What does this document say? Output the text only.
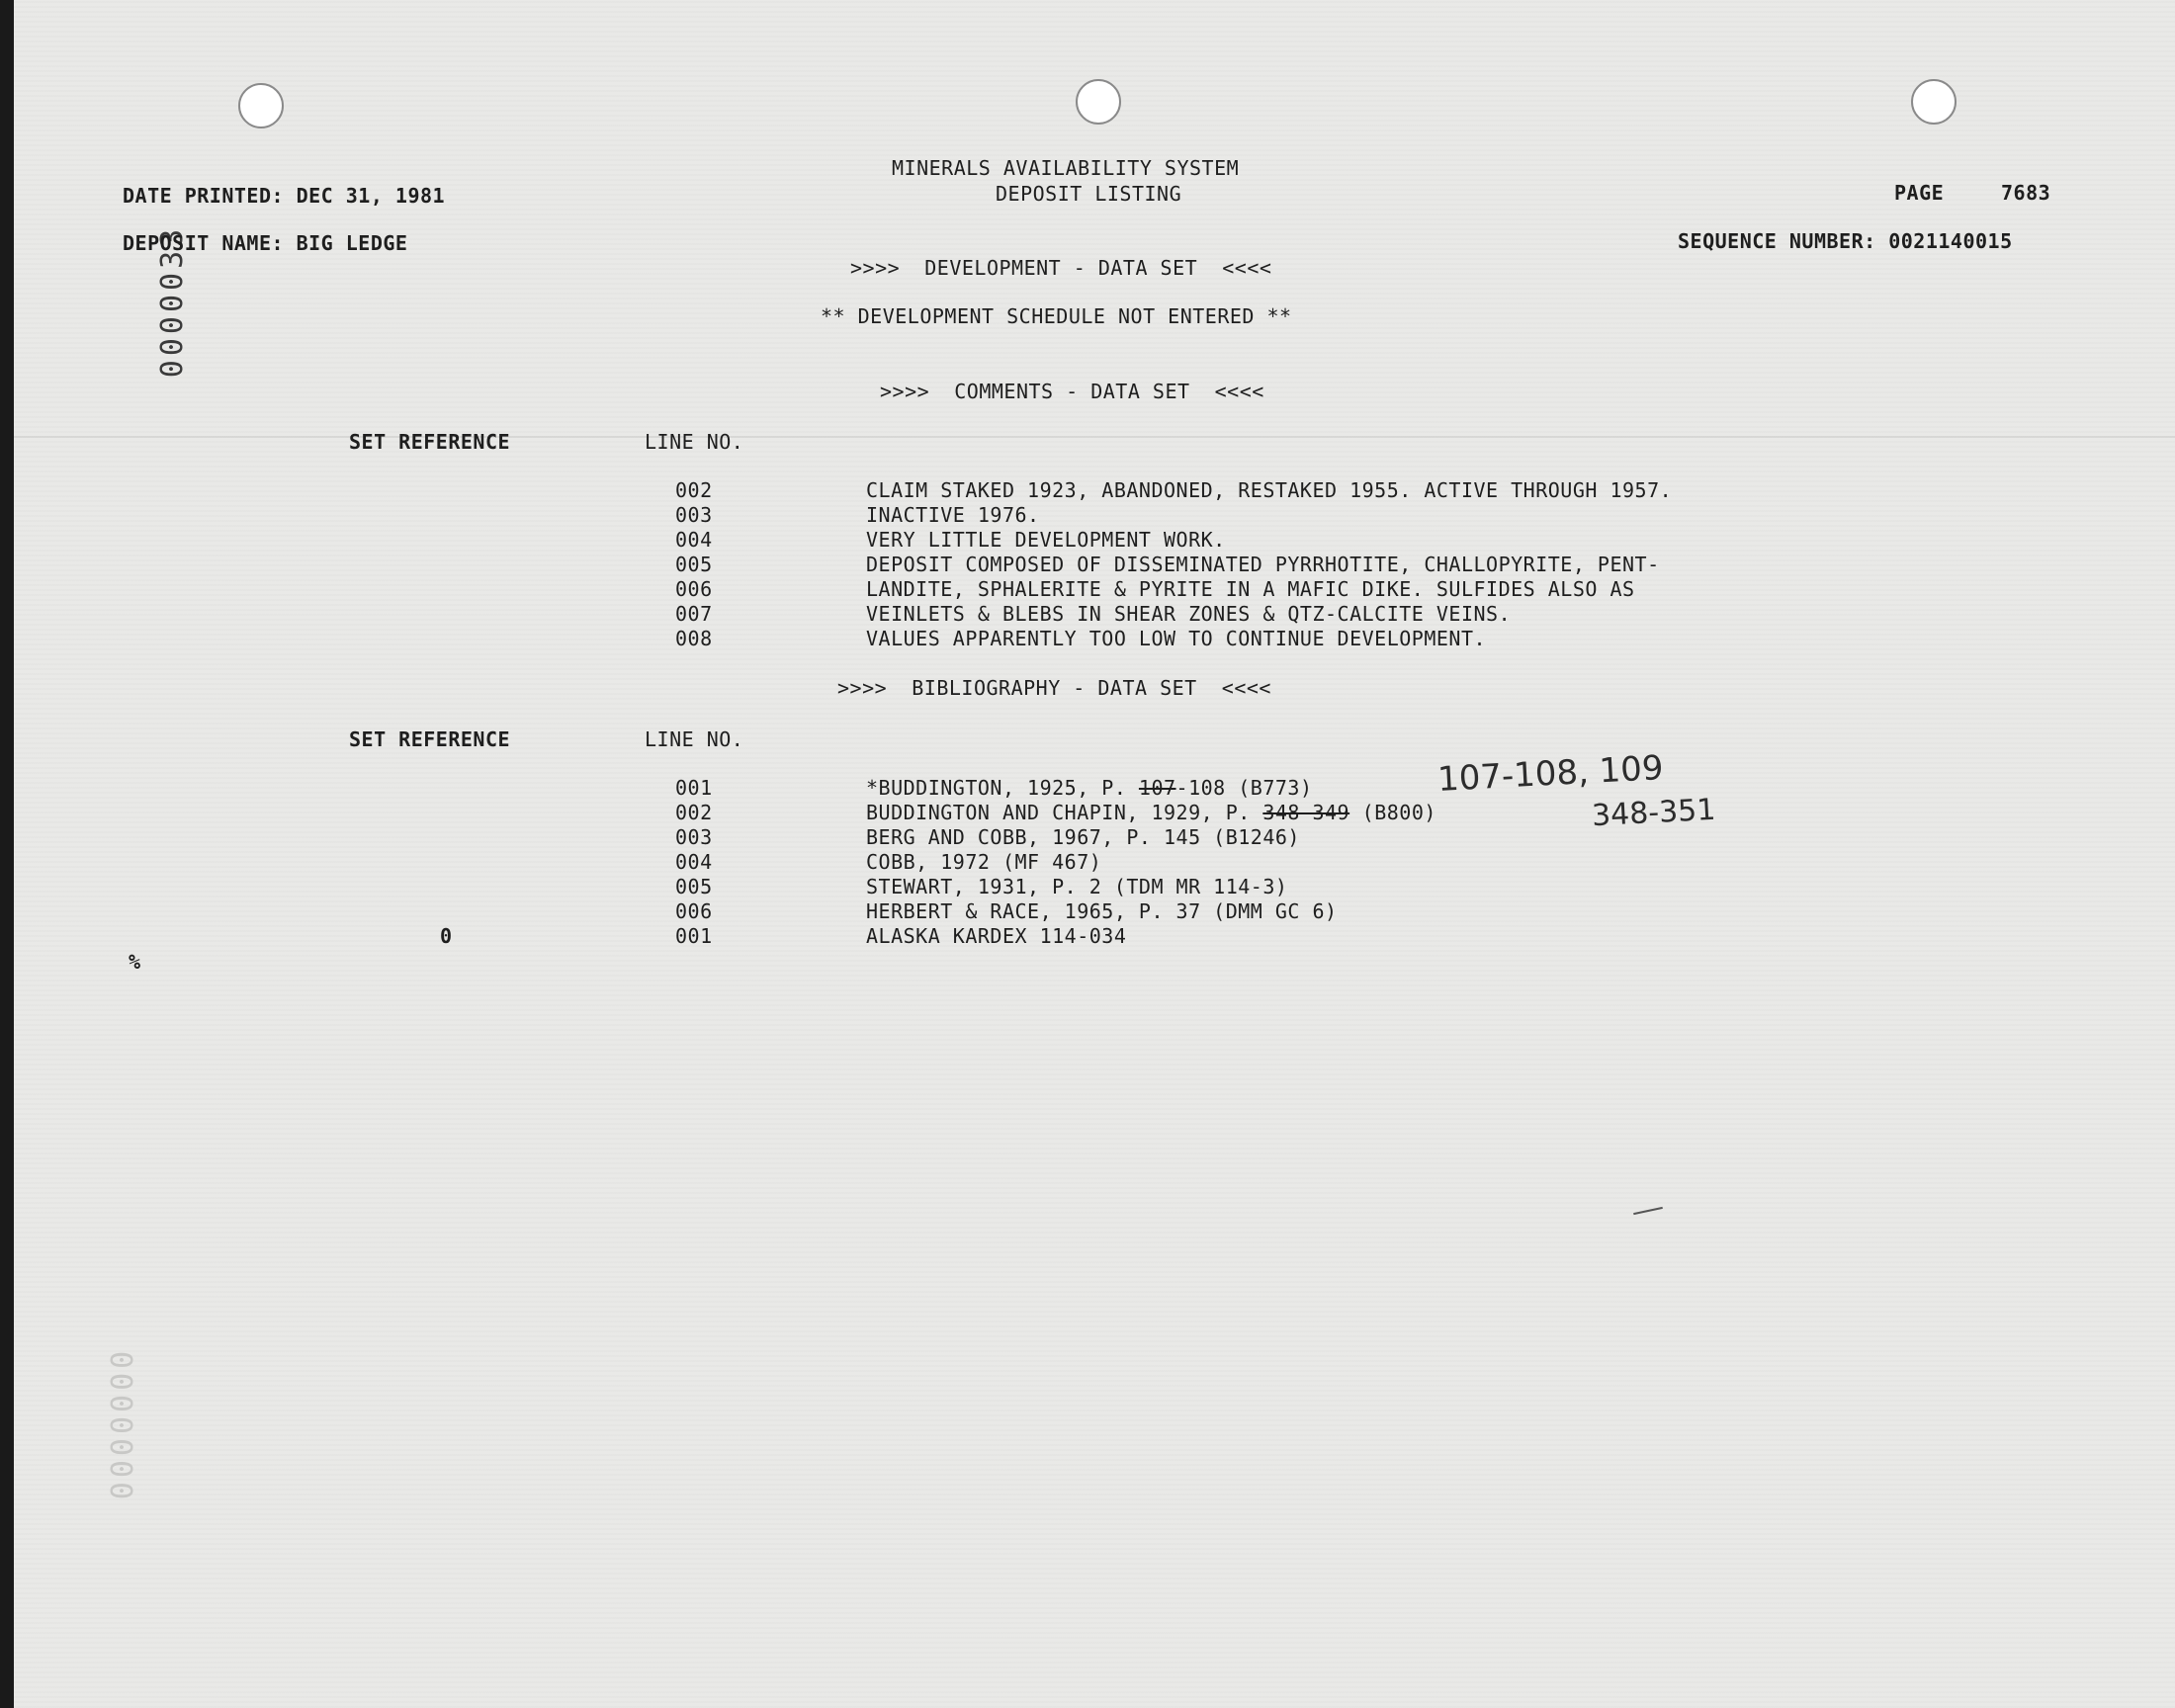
0000033
0000000
MINERALS AVAILABILITY SYSTEM
DEPOSIT LISTING
DATE PRINTED: DEC 31, 1981
DEPOSIT NAME: BIG LEDGE
PAGE	7683
SEQUENCE NUMBER: 0021140015
>>>>  DEVELOPMENT - DATA SET  <<<<
** DEVELOPMENT SCHEDULE NOT ENTERED **
>>>>  COMMENTS - DATA SET  <<<<
SET REFERENCE	LINE NO.
002	CLAIM STAKED 1923, ABANDONED, RESTAKED 1955. ACTIVE THROUGH 1957.
003	INACTIVE 1976.
004	VERY LITTLE DEVELOPMENT WORK.
005	DEPOSIT COMPOSED OF DISSEMINATED PYRRHOTITE, CHALLOPYRITE, PENT-
006	LANDITE, SPHALERITE & PYRITE IN A MAFIC DIKE. SULFIDES ALSO AS
007	VEINLETS & BLEBS IN SHEAR ZONES & QTZ-CALCITE VEINS.
008	VALUES APPARENTLY TOO LOW TO CONTINUE DEVELOPMENT.
>>>>  BIBLIOGRAPHY - DATA SET  <<<<
SET REFERENCE	LINE NO.
001	*BUDDINGTON, 1925, P. 107-108 (B773)	107-108, 109
002	BUDDINGTON AND CHAPIN, 1929, P. 348-349 (B800)	348-351
003	BERG AND COBB, 1967, P. 145 (B1246)
004	COBB, 1972 (MF 467)
005	STEWART, 1931, P. 2 (TDM MR 114-3)
006	HERBERT & RACE, 1965, P. 37 (DMM GC 6)
0	001	ALASKA KARDEX 114-034
%
